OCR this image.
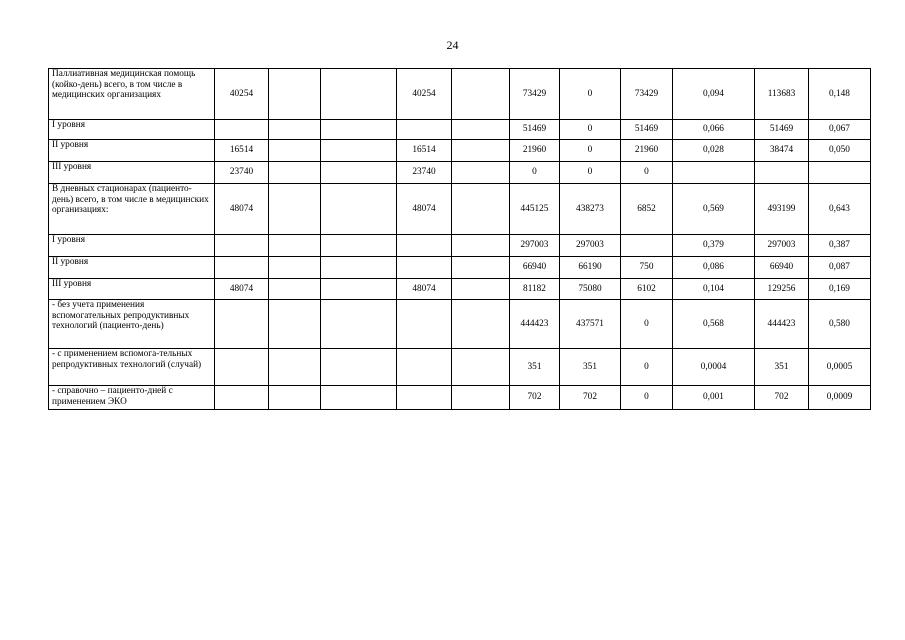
24
Паллиативная медицинская помощь (койко-день) всего, в том числе в медицинских организациях	40254			40254		73429	0	73429	0,094	113683	0,148
I уровня						51469	0	51469	0,066	51469	0,067
II уровня	16514			16514		21960	0	21960	0,028	38474	0,050
III уровня	23740			23740		0	0	0			
В дневных стационарах (пациенто-день) всего, в том числе в медицинских организациях:	48074			48074		445125	438273	6852	0,569	493199	0,643
I уровня						297003	297003		0,379	297003	0,387
II уровня						66940	66190	750	0,086	66940	0,087
III уровня	48074			48074		81182	75080	6102	0,104	129256	0,169
- без учета применения вспомогательных репродуктивных технологий (пациенто-день)						444423	437571	0	0,568	444423	0,580
- с применением вспомога-тельных репродуктивных технологий (случай)						351	351	0	0,0004	351	0,0005
- справочно – пациенто-дней с применением ЭКО						702	702	0	0,001	702	0,0009
